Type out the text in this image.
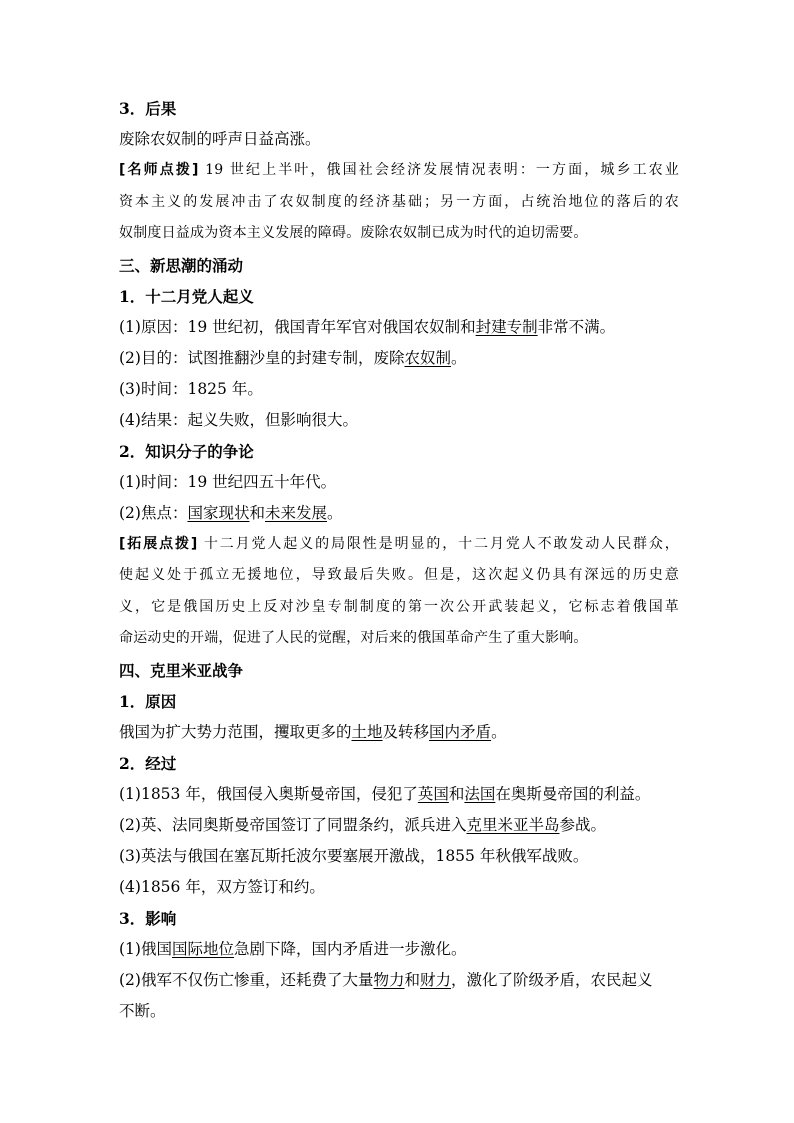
3．后果
废除农奴制的呼声日益高涨。
[名师点拨] 19 世纪上半叶，俄国社会经济发展情况表明：一方面，城乡工农业
资本主义的发展冲击了农奴制度的经济基础；另一方面，占统治地位的落后的农
奴制度日益成为资本主义发展的障碍。废除农奴制已成为时代的迫切需要。
三、新思潮的涌动
1．十二月党人起义
(1)原因：19 世纪初，俄国青年军官对俄国农奴制和封建专制非常不满。
(2)目的：试图推翻沙皇的封建专制，废除农奴制。
(3)时间：1825 年。
(4)结果：起义失败，但影响很大。
2．知识分子的争论
(1)时间：19 世纪四五十年代。
(2)焦点：国家现状和未来发展。
[拓展点拨] 十二月党人起义的局限性是明显的，十二月党人不敢发动人民群众，
使起义处于孤立无援地位，导致最后失败。但是，这次起义仍具有深远的历史意
义，它是俄国历史上反对沙皇专制制度的第一次公开武装起义，它标志着俄国革
命运动史的开端，促进了人民的觉醒，对后来的俄国革命产生了重大影响。
四、克里米亚战争
1．原因
俄国为扩大势力范围，攫取更多的土地及转移国内矛盾。
2．经过
(1)1853 年，俄国侵入奥斯曼帝国，侵犯了英国和法国在奥斯曼帝国的利益。
(2)英、法同奥斯曼帝国签订了同盟条约，派兵进入克里米亚半岛参战。
(3)英法与俄国在塞瓦斯托波尔要塞展开激战，1855 年秋俄军战败。
(4)1856 年，双方签订和约。
3．影响
(1)俄国国际地位急剧下降，国内矛盾进一步激化。
(2)俄军不仅伤亡惨重，还耗费了大量物力和财力，激化了阶级矛盾，农民起义
不断。
